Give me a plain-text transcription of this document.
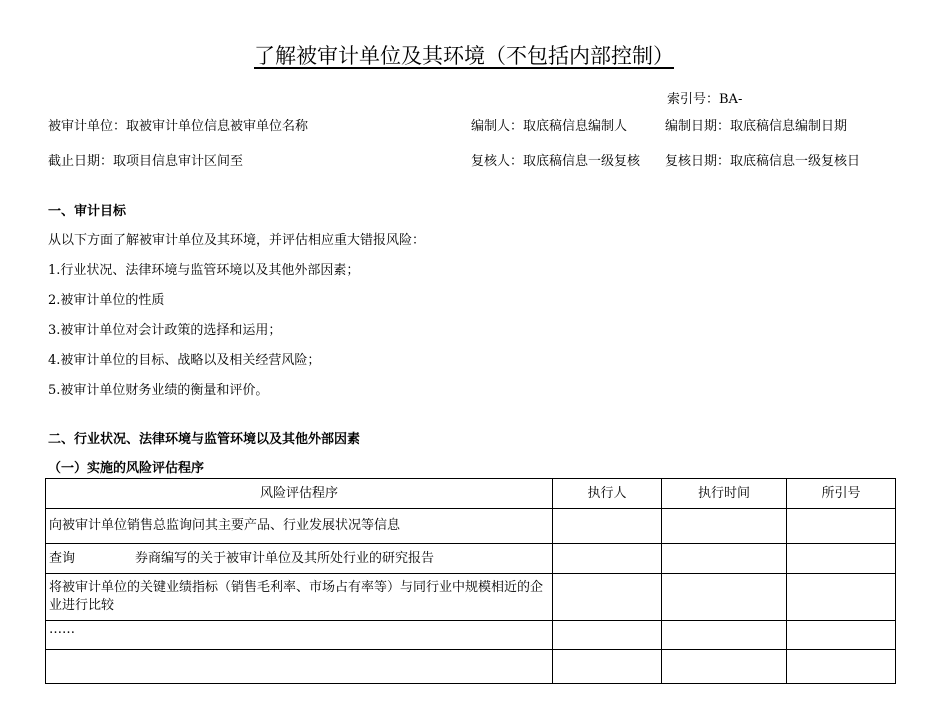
了解被审计单位及其环境（不包括内部控制）
索引号：BA-
被审计单位：取被审计单位信息被审单位名称	编制人：取底稿信息编制人	编制日期：取底稿信息编制日期
截止日期：取项目信息审计区间至	复核人：取底稿信息一级复核	复核日期：取底稿信息一级复核日
一、审计目标
从以下方面了解被审计单位及其环境，并评估相应重大错报风险：
1.行业状况、法律环境与监管环境以及其他外部因素；
2.被审计单位的性质
3.被审计单位对会计政策的选择和运用；
4.被审计单位的目标、战略以及相关经营风险；
5.被审计单位财务业绩的衡量和评价。
二、行业状况、法律环境与监管环境以及其他外部因素
（一）实施的风险评估程序
风险评估程序	执行人	执行时间	所引号
向被审计单位销售总监询问其主要产品、行业发展状况等信息			
查询 券商编写的关于被审计单位及其所处行业的研究报告			
将被审计单位的关键业绩指标（销售毛利率、市场占有率等）与同行业中规模相近的企业进行比较			
……			
